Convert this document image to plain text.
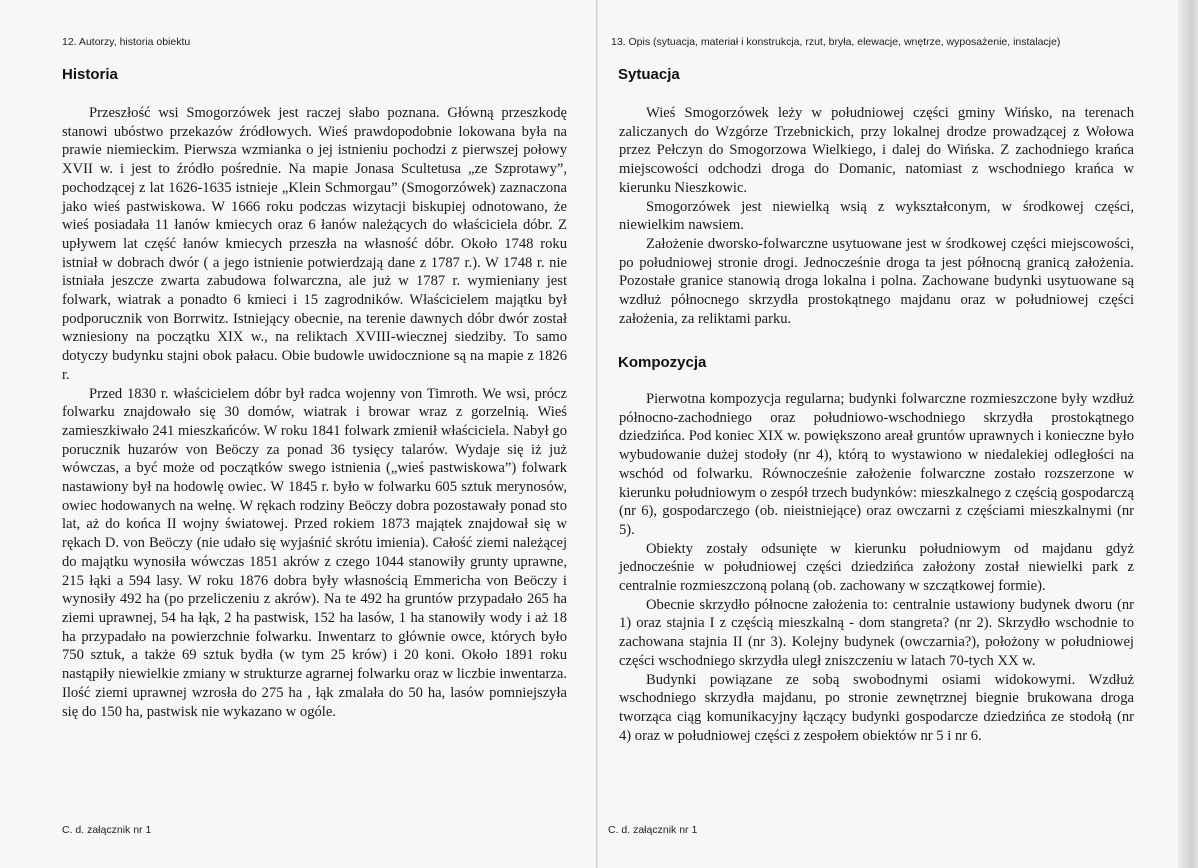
12. Autorzy, historia obiektu
Historia

Przeszłość wsi Smogorzówek jest raczej słabo poznana. Główną przeszkodę stanowi ubóstwo przekazów źródłowych. Wieś prawdopodobnie lokowana była na prawie niemieckim. Pierwsza wzmianka o jej istnieniu pochodzi z pierwszej połowy XVII w. i jest to źródło pośrednie. Na mapie Jonasa Scultetusa „ze Szprotawy”, pochodzącej z lat 1626-1635 istnieje „Klein Schmorgau” (Smogorzówek) zaznaczona jako wieś pastwiskowa. W 1666 roku podczas wizytacji biskupiej odnotowano, że wieś posiadała 11 łanów kmiecych oraz 6 łanów należących do właściciela dóbr. Z upływem lat część łanów kmiecych przeszła na własność dóbr. Około 1748 roku istniał w dobrach dwór ( a jego istnienie potwierdzają dane z 1787 r.). W 1748 r. nie istniała jeszcze zwarta zabudowa folwarczna, ale już w 1787 r. wymieniany jest folwark, wiatrak a ponadto 6 kmieci i 15 zagrodników. Właścicielem majątku był podporucznik von Borrwitz. Istniejący obecnie, na terenie dawnych dóbr dwór został wzniesiony na początku XIX w., na reliktach XVIII-wiecznej siedziby. To samo dotyczy budynku stajni obok pałacu. Obie budowle uwidocznione są na mapie z 1826 r.

Przed 1830 r. właścicielem dóbr był radca wojenny von Timroth. We wsi, prócz folwarku znajdowało się 30 domów, wiatrak i browar wraz z gorzelnią. Wieś zamieszkiwało 241 mieszkańców. W roku 1841 folwark zmienił właściciela. Nabył go porucznik huzarów von Beöczy za ponad 36 tysięcy talarów. Wydaje się iż już wówczas, a być może od początków swego istnienia („wieś pastwiskowa”) folwark nastawiony był na hodowlę owiec. W 1845 r. było w folwarku 605 sztuk merynosów, owiec hodowanych na wełnę. W rękach rodziny Beöczy dobra pozostawały ponad sto lat, aż do końca II wojny światowej. Przed rokiem 1873 majątek znajdował się w rękach D. von Beöczy (nie udało się wyjaśnić skrótu imienia). Całość ziemi należącej do majątku wynosiła wówczas 1851 akrów z czego 1044 stanowiły grunty uprawne, 215 łąki a 594 lasy. W roku 1876 dobra były własnością Emmericha von Beöczy i wynosiły 492 ha (po przeliczeniu z akrów). Na te 492 ha gruntów przypadało 265 ha ziemi uprawnej, 54 ha łąk, 2 ha pastwisk, 152 ha lasów, 1 ha stanowiły wody i aż 18 ha przypadało na powierzchnie folwarku. Inwentarz to głównie owce, których było 750 sztuk, a także 69 sztuk bydła (w tym 25 krów) i 20 koni. Około 1891 roku nastąpiły niewielkie zmiany w strukturze agrarnej folwarku oraz w liczbie inwentarza. Ilość ziemi uprawnej wzrosła do 275 ha , łąk zmalała do 50 ha, lasów pomniejszyła się do 150 ha, pastwisk nie wykazano w ogóle.

C. d. załącznik nr 1
13. Opis (sytuacja, materiał i konstrukcja, rzut, bryła, elewacje, wnętrze, wyposażenie, instalacje)
Sytuacja

Wieś Smogorzówek leży w południowej części gminy Wińsko, na terenach zaliczanych do Wzgórze Trzebnickich, przy lokalnej drodze prowadzącej z Wołowa przez Pełczyn do Smogorzowa Wielkiego, i dalej do Wińska. Z zachodniego krańca miejscowości odchodzi droga do Domanic, natomiast z wschodniego krańca w kierunku Nieszkowic.

Smogorzówek jest niewielką wsią z wykształconym, w środkowej części, niewielkim nawsiem.

Założenie dworsko-folwarczne usytuowane jest w środkowej części miejscowości, po południowej stronie drogi. Jednocześnie droga ta jest północną granicą założenia. Pozostałe granice stanowią droga lokalna i polna. Zachowane budynki usytuowane są wzdłuż północnego skrzydła prostokątnego majdanu oraz w południowej części założenia, za reliktami parku.

Kompozycja

Pierwotna kompozycja regularna; budynki folwarczne rozmieszczone były wzdłuż północno-zachodniego oraz południowo-wschodniego skrzydła prostokątnego dziedzińca. Pod koniec XIX w. powiększono areał gruntów uprawnych i konieczne było wybudowanie dużej stodoły (nr 4), którą to wystawiono w niedalekiej odległości na wschód od folwarku. Równocześnie założenie folwarczne zostało rozszerzone w kierunku południowym o zespół trzech budynków: mieszkalnego z częścią gospodarczą (nr 6), gospodarczego (ob. nieistniejące) oraz owczarni z częściami mieszkalnymi (nr 5).

Obiekty zostały odsunięte w kierunku południowym od majdanu gdyż jednocześnie w południowej części dziedzińca założony został niewielki park z centralnie rozmieszczoną polaną (ob. zachowany w szczątkowej formie).

Obecnie skrzydło północne założenia to: centralnie ustawiony budynek dworu (nr 1) oraz stajnia I z częścią mieszkalną - dom stangreta? (nr 2). Skrzydło wschodnie to zachowana stajnia II (nr 3). Kolejny budynek (owczarnia?), położony w południowej części wschodniego skrzydła uległ zniszczeniu w latach 70-tych XX w.

Budynki powiązane ze sobą swobodnymi osiami widokowymi. Wzdłuż wschodniego skrzydła majdanu, po stronie zewnętrznej biegnie brukowana droga tworząca ciąg komunikacyjny łączący budynki gospodarcze dziedzińca ze stodołą (nr 4) oraz w południowej części z zespołem obiektów nr 5 i nr 6.

C. d. załącznik nr 1
